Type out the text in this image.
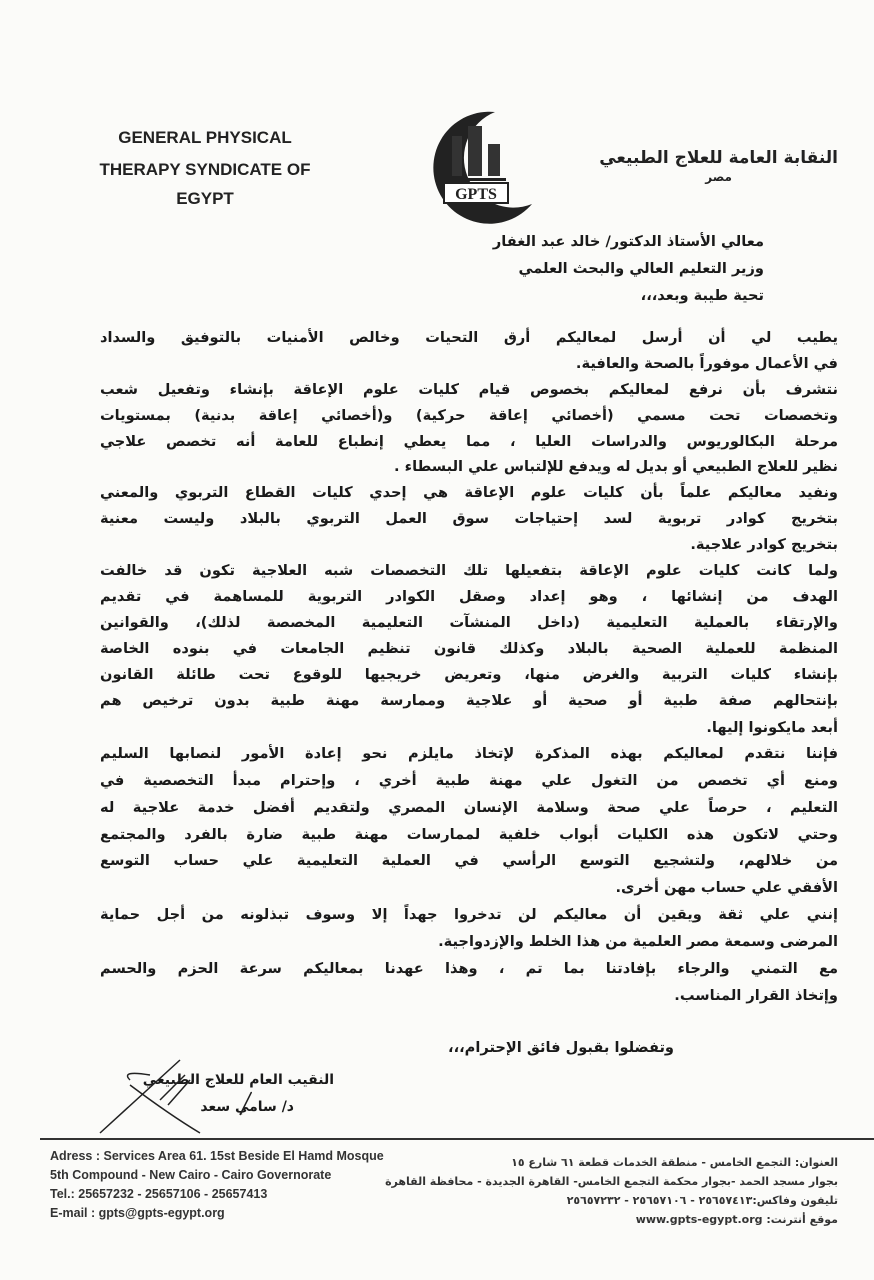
GENERAL PHYSICAL
THERAPY SYNDICATE OF
EGYPT	GPTS
النقابة العامة للعلاج الطبيعي
مصر
معالي الأستاذ الدكتور/ خالد عبد الغفار
وزير التعليم العالي والبحث العلمي
تحية طيبة وبعد،،،
يطيب لي أن أرسل لمعاليكم أرق التحيات وخالص الأمنيات بالتوفيق والسداد
في الأعمال موفوراً بالصحة والعافية.
نتشرف بأن نرفع لمعاليكم بخصوص قيام كليات علوم الإعاقة بإنشاء وتفعيل شعب
وتخصصات تحت مسمي (أخصائي إعاقة حركية) و(أخصائي إعاقة بدنية) بمستويات
مرحلة البكالوريوس والدراسات العليا ، مما يعطي إنطباع للعامة أنه تخصص علاجي
نظير للعلاج الطبيعي أو بديل له ويدفع للإلتباس علي البسطاء .
ونفيد معاليكم علماً بأن كليات علوم الإعاقة هي إحدي كليات القطاع التربوي والمعني
بتخريج كوادر تربوية لسد إحتياجات سوق العمل التربوي بالبلاد وليست معنية
بتخريج كوادر علاجية.
ولما كانت كليات علوم الإعاقة بتفعيلها تلك التخصصات شبه العلاجية تكون قد خالفت
الهدف من إنشائها ، وهو إعداد وصقل الكوادر التربوية للمساهمة في تقديم
والإرتقاء بالعملية التعليمية (داخل المنشآت التعليمية المخصصة لذلك)، والقوانين
المنظمة للعملية الصحية بالبلاد وكذلك قانون تنظيم الجامعات في بنوده الخاصة
بإنشاء كليات التربية والغرض منها، وتعريض خريجيها للوقوع تحت طائلة القانون
بإنتحالهم صفة طبية أو صحية أو علاجية وممارسة مهنة طبية بدون ترخيص هم
أبعد مايكونوا إليها.
فإننا نتقدم لمعاليكم بهذه المذكرة لإتخاذ مايلزم نحو إعادة الأمور لنصابها السليم
ومنع أي تخصص من التغول علي مهنة طبية أخري ، وإحترام مبدأ التخصصية في
التعليم ، حرصاً علي صحة وسلامة الإنسان المصري ولتقديم أفضل خدمة علاجية له
وحتي لاتكون هذه الكليات أبواب خلفية لممارسات مهنة طبية ضارة بالفرد والمجتمع
من خلالهم، ولتشجيع التوسع الرأسي في العملية التعليمية علي حساب التوسع
الأفقي علي حساب مهن أخرى.
إنني علي ثقة ويقين أن معاليكم لن تدخروا جهداً إلا وسوف تبذلونه من أجل حماية
المرضى وسمعة مصر العلمية من هذا الخلط والإزدواجية.
مع التمني والرجاء بإفادتنا بما تم ، وهذا عهدنا بمعاليكم سرعة الحزم والحسم
وإتخاذ القرار المناسب.
وتفضلوا بقبول فائق الإحترام،،،
النقيب العام للعلاج الطبيعي
د/ سامي سعد
Adress : Services Area 61. 15st Beside El Hamd Mosque
5th Compound - New Cairo - Cairo Governorate
Tel.: 25657232 - 25657106 - 25657413
E-mail : gpts@gpts-egypt.org
العنوان: التجمع الخامس - منطقة الخدمات قطعة ٦١ شارع ١٥
بجوار مسجد الحمد -بجوار محكمة التجمع الخامس- القاهرة الجديدة - محافظة القاهرة
تليفون وفاكس:٢٥٦٥٧٤١٣ - ٢٥٦٥٧١٠٦ - ٢٥٦٥٧٢٣٢
موقع أنترنت: www.gpts-egypt.org
